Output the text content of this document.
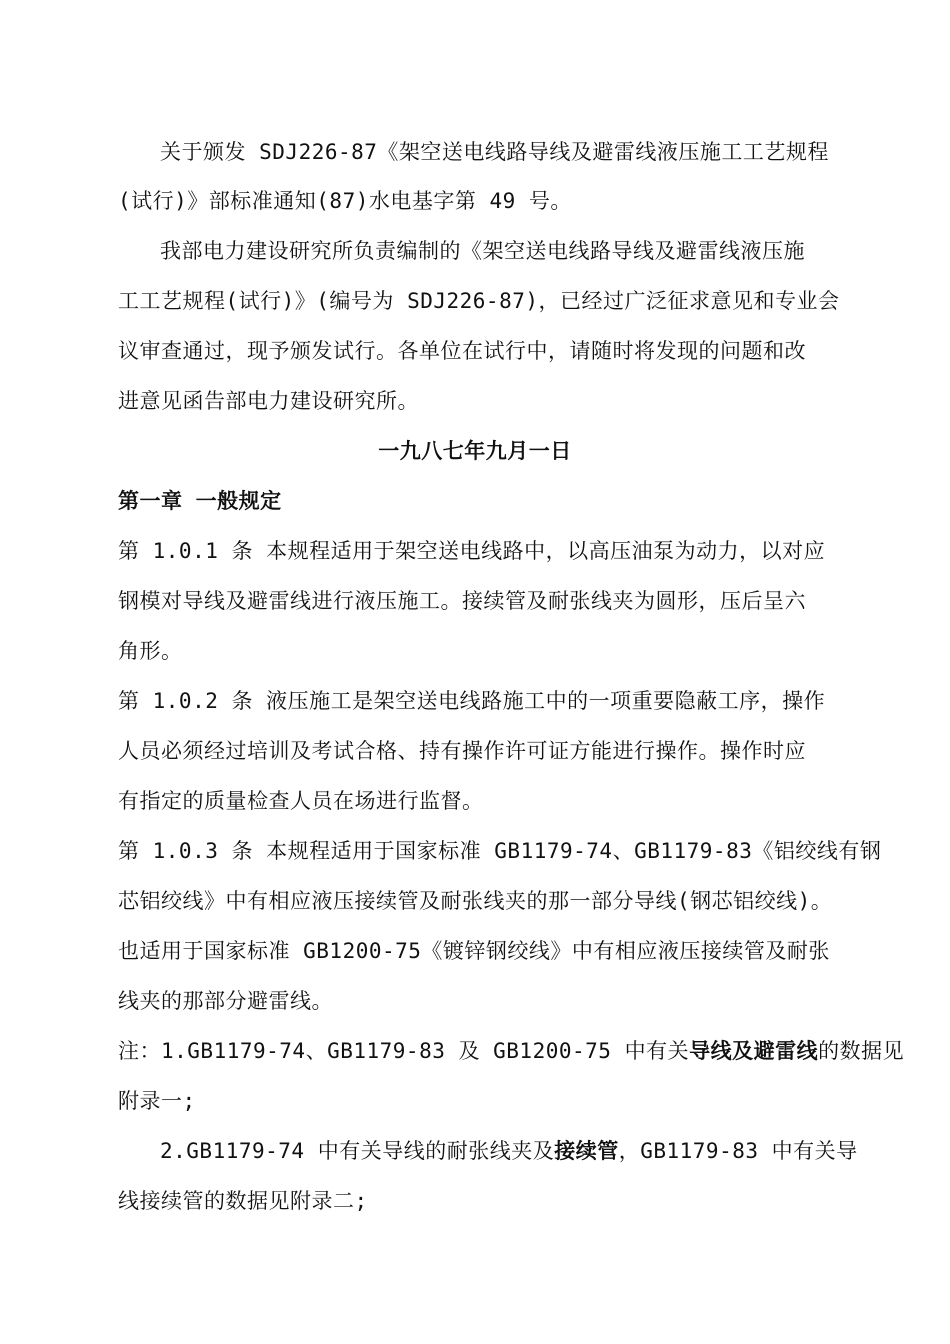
关于颁发 SDJ226-87《架空送电线路导线及避雷线液压施工工艺规程
(试行)》部标准通知(87)水电基字第 49 号。
我部电力建设研究所负责编制的《架空送电线路导线及避雷线液压施
工工艺规程(试行)》(编号为 SDJ226-87)，已经过广泛征求意见和专业会
议审查通过，现予颁发试行。各单位在试行中，请随时将发现的问题和改
进意见函告部电力建设研究所。
一九八七年九月一日
第一章 一般规定
第 1.0.1 条 本规程适用于架空送电线路中，以高压油泵为动力，以对应
钢模对导线及避雷线进行液压施工。接续管及耐张线夹为圆形，压后呈六
角形。
第 1.0.2 条 液压施工是架空送电线路施工中的一项重要隐蔽工序，操作
人员必须经过培训及考试合格、持有操作许可证方能进行操作。操作时应
有指定的质量检查人员在场进行监督。
第 1.0.3 条 本规程适用于国家标准 GB1179-74、GB1179-83《铝绞线有钢
芯铝绞线》中有相应液压接续管及耐张线夹的那一部分导线(钢芯铝绞线)。
也适用于国家标准 GB1200-75《镀锌钢绞线》中有相应液压接续管及耐张
线夹的那部分避雷线。
注：1.GB1179-74、GB1179-83 及 GB1200-75 中有关导线及避雷线的数据见
附录一;
2.GB1179-74 中有关导线的耐张线夹及接续管，GB1179-83 中有关导
线接续管的数据见附录二;
